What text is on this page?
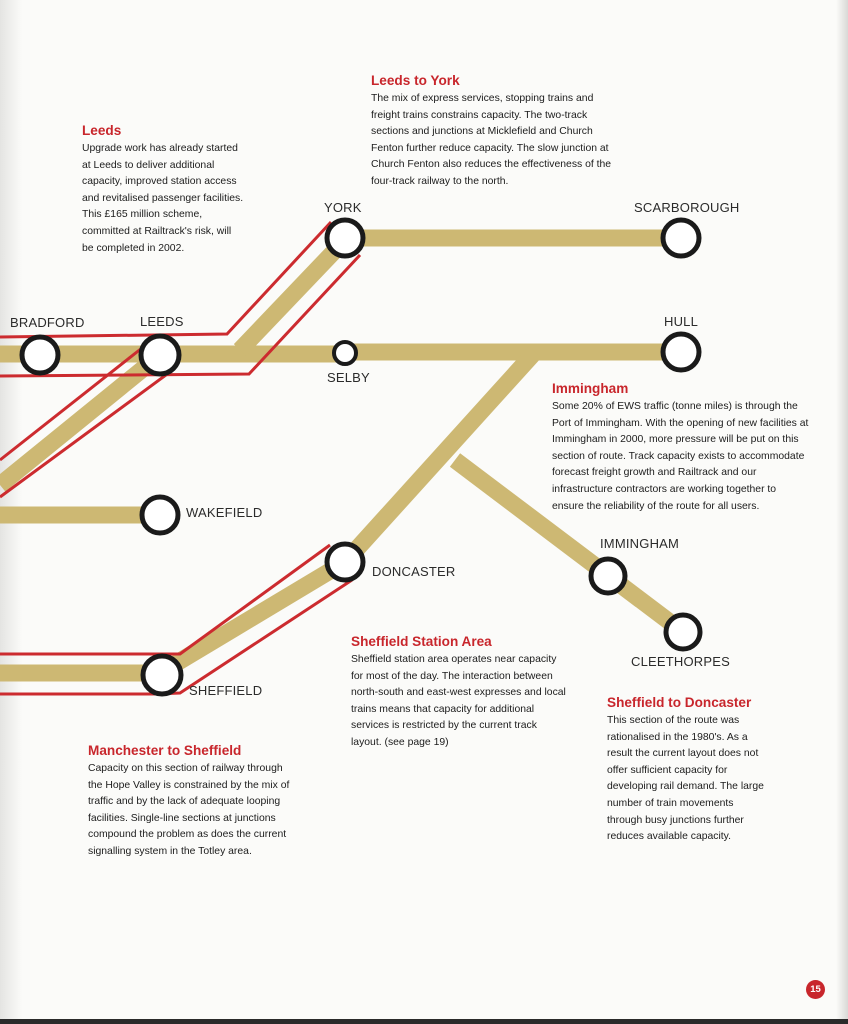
YORK	SCARBOROUGH
BRADFORD	LEEDS
SELBY
HULL
WAKEFIELD
DONCASTER
IMMINGHAM
CLEETHORPES
SHEFFIELD
Leeds

Upgrade work has already started

at Leeds to deliver additional

capacity, improved station access

and revitalised passenger facilities.

This £165 million scheme,

committed at Railtrack's risk, will

be completed in 2002.

Leeds to York

The mix of express services, stopping trains and

freight trains constrains capacity. The two-track

sections and junctions at Micklefield and Church

Fenton further reduce capacity. The slow junction at

Church Fenton also reduces the effectiveness of the

four-track railway to the north.

Immingham

Some 20% of EWS traffic (tonne miles) is through the

Port of Immingham. With the opening of new facilities at

Immingham in 2000, more pressure will be put on this

section of route. Track capacity exists to accommodate

forecast freight growth and Railtrack and our

infrastructure contractors are working together to

ensure the reliability of the route for all users.

Sheffield Station Area

Sheffield station area operates near capacity

for most of the day. The interaction between

north-south and east-west expresses and local

trains means that capacity for additional

services is restricted by the current track

layout. (see page 19)

Sheffield to Doncaster

This section of the route was

rationalised in the 1980's. As a

result the current layout does not

offer sufficient capacity for

developing rail demand. The large

number of train movements

through busy junctions further

reduces available capacity.

Manchester to Sheffield

Capacity on this section of railway through

the Hope Valley is constrained by the mix of

traffic and by the lack of adequate looping

facilities. Single-line sections at junctions

compound the problem as does the current

signalling system in the Totley area.

15
